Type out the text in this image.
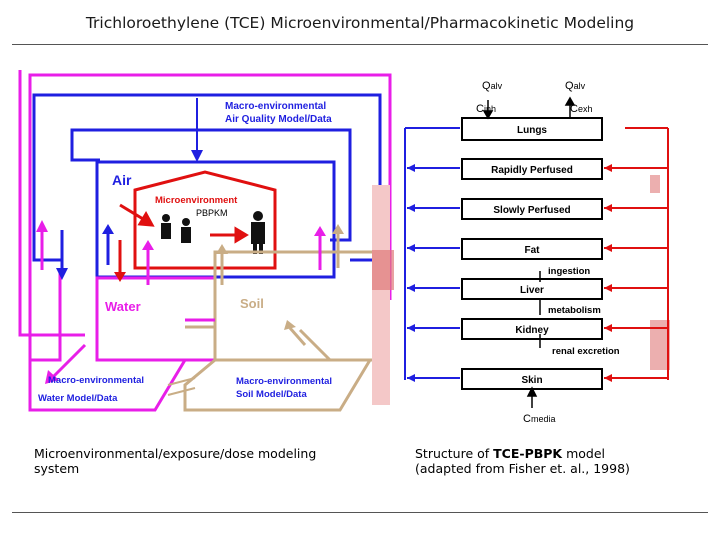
Trichloroethylene (TCE) Microenvironmental/Pharmacokinetic Modeling
Macro-environmental
Air Quality Model/Data
Air
Microenvironment
PBPKM
Water	Soil
Macro-environmental
Water Model/Data
Macro-environmental
Soil Model/Data
Lungs
Qalv	Qalv
Cinh	Cexh
Rapidly Perfused
Slowly Perfused
Fat
Liver
Kidney
Skin
ingestion
metabolism
renal excretion
Cmedia
Microenvironmental/exposure/dose modeling
system
Structure of TCE-PBPK model
(adapted from Fisher et. al., 1998)
